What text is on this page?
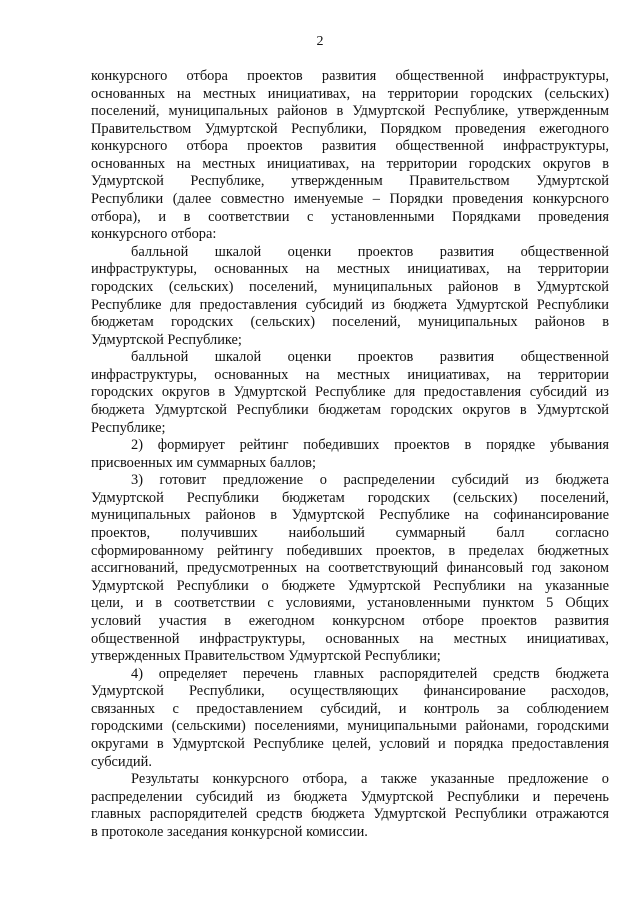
2
конкурсного отбора проектов развития общественной инфраструктуры,
основанных на местных инициативах, на территории городских (сельских)
поселений, муниципальных районов в Удмуртской Республике, утвержденным
Правительством Удмуртской Республики, Порядком проведения ежегодного
конкурсного отбора проектов развития общественной инфраструктуры,
основанных на местных инициативах, на территории городских округов в
Удмуртской Республике, утвержденным Правительством Удмуртской
Республики (далее совместно именуемые – Порядки проведения конкурсного
отбора), и в соответствии с установленными Порядками проведения
конкурсного отбора:
балльной шкалой оценки проектов развития общественной
инфраструктуры, основанных на местных инициативах, на территории
городских (сельских) поселений, муниципальных районов в Удмуртской
Республике для предоставления субсидий из бюджета Удмуртской Республики
бюджетам городских (сельских) поселений, муниципальных районов в
Удмуртской Республике;
балльной шкалой оценки проектов развития общественной
инфраструктуры, основанных на местных инициативах, на территории
городских округов в Удмуртской Республике для предоставления субсидий из
бюджета Удмуртской Республики бюджетам городских округов в Удмуртской
Республике;
2) формирует рейтинг победивших проектов в порядке убывания
присвоенных им суммарных баллов;
3) готовит предложение о распределении субсидий из бюджета
Удмуртской Республики бюджетам городских (сельских) поселений,
муниципальных районов в Удмуртской Республике на софинансирование
проектов, получивших наибольший суммарный балл согласно
сформированному рейтингу победивших проектов, в пределах бюджетных
ассигнований, предусмотренных на соответствующий финансовый год законом
Удмуртской Республики о бюджете Удмуртской Республики на указанные
цели, и в соответствии с условиями, установленными пунктом 5 Общих
условий участия в ежегодном конкурсном отборе проектов развития
общественной инфраструктуры, основанных на местных инициативах,
утвержденных Правительством Удмуртской Республики;
4) определяет перечень главных распорядителей средств бюджета
Удмуртской Республики, осуществляющих финансирование расходов,
связанных с предоставлением субсидий, и контроль за соблюдением
городскими (сельскими) поселениями, муниципальными районами, городскими
округами в Удмуртской Республике целей, условий и порядка предоставления
субсидий.
Результаты конкурсного отбора, а также указанные предложение о
распределении субсидий из бюджета Удмуртской Республики и перечень
главных распорядителей средств бюджета Удмуртской Республики отражаются
в протоколе заседания конкурсной комиссии.
